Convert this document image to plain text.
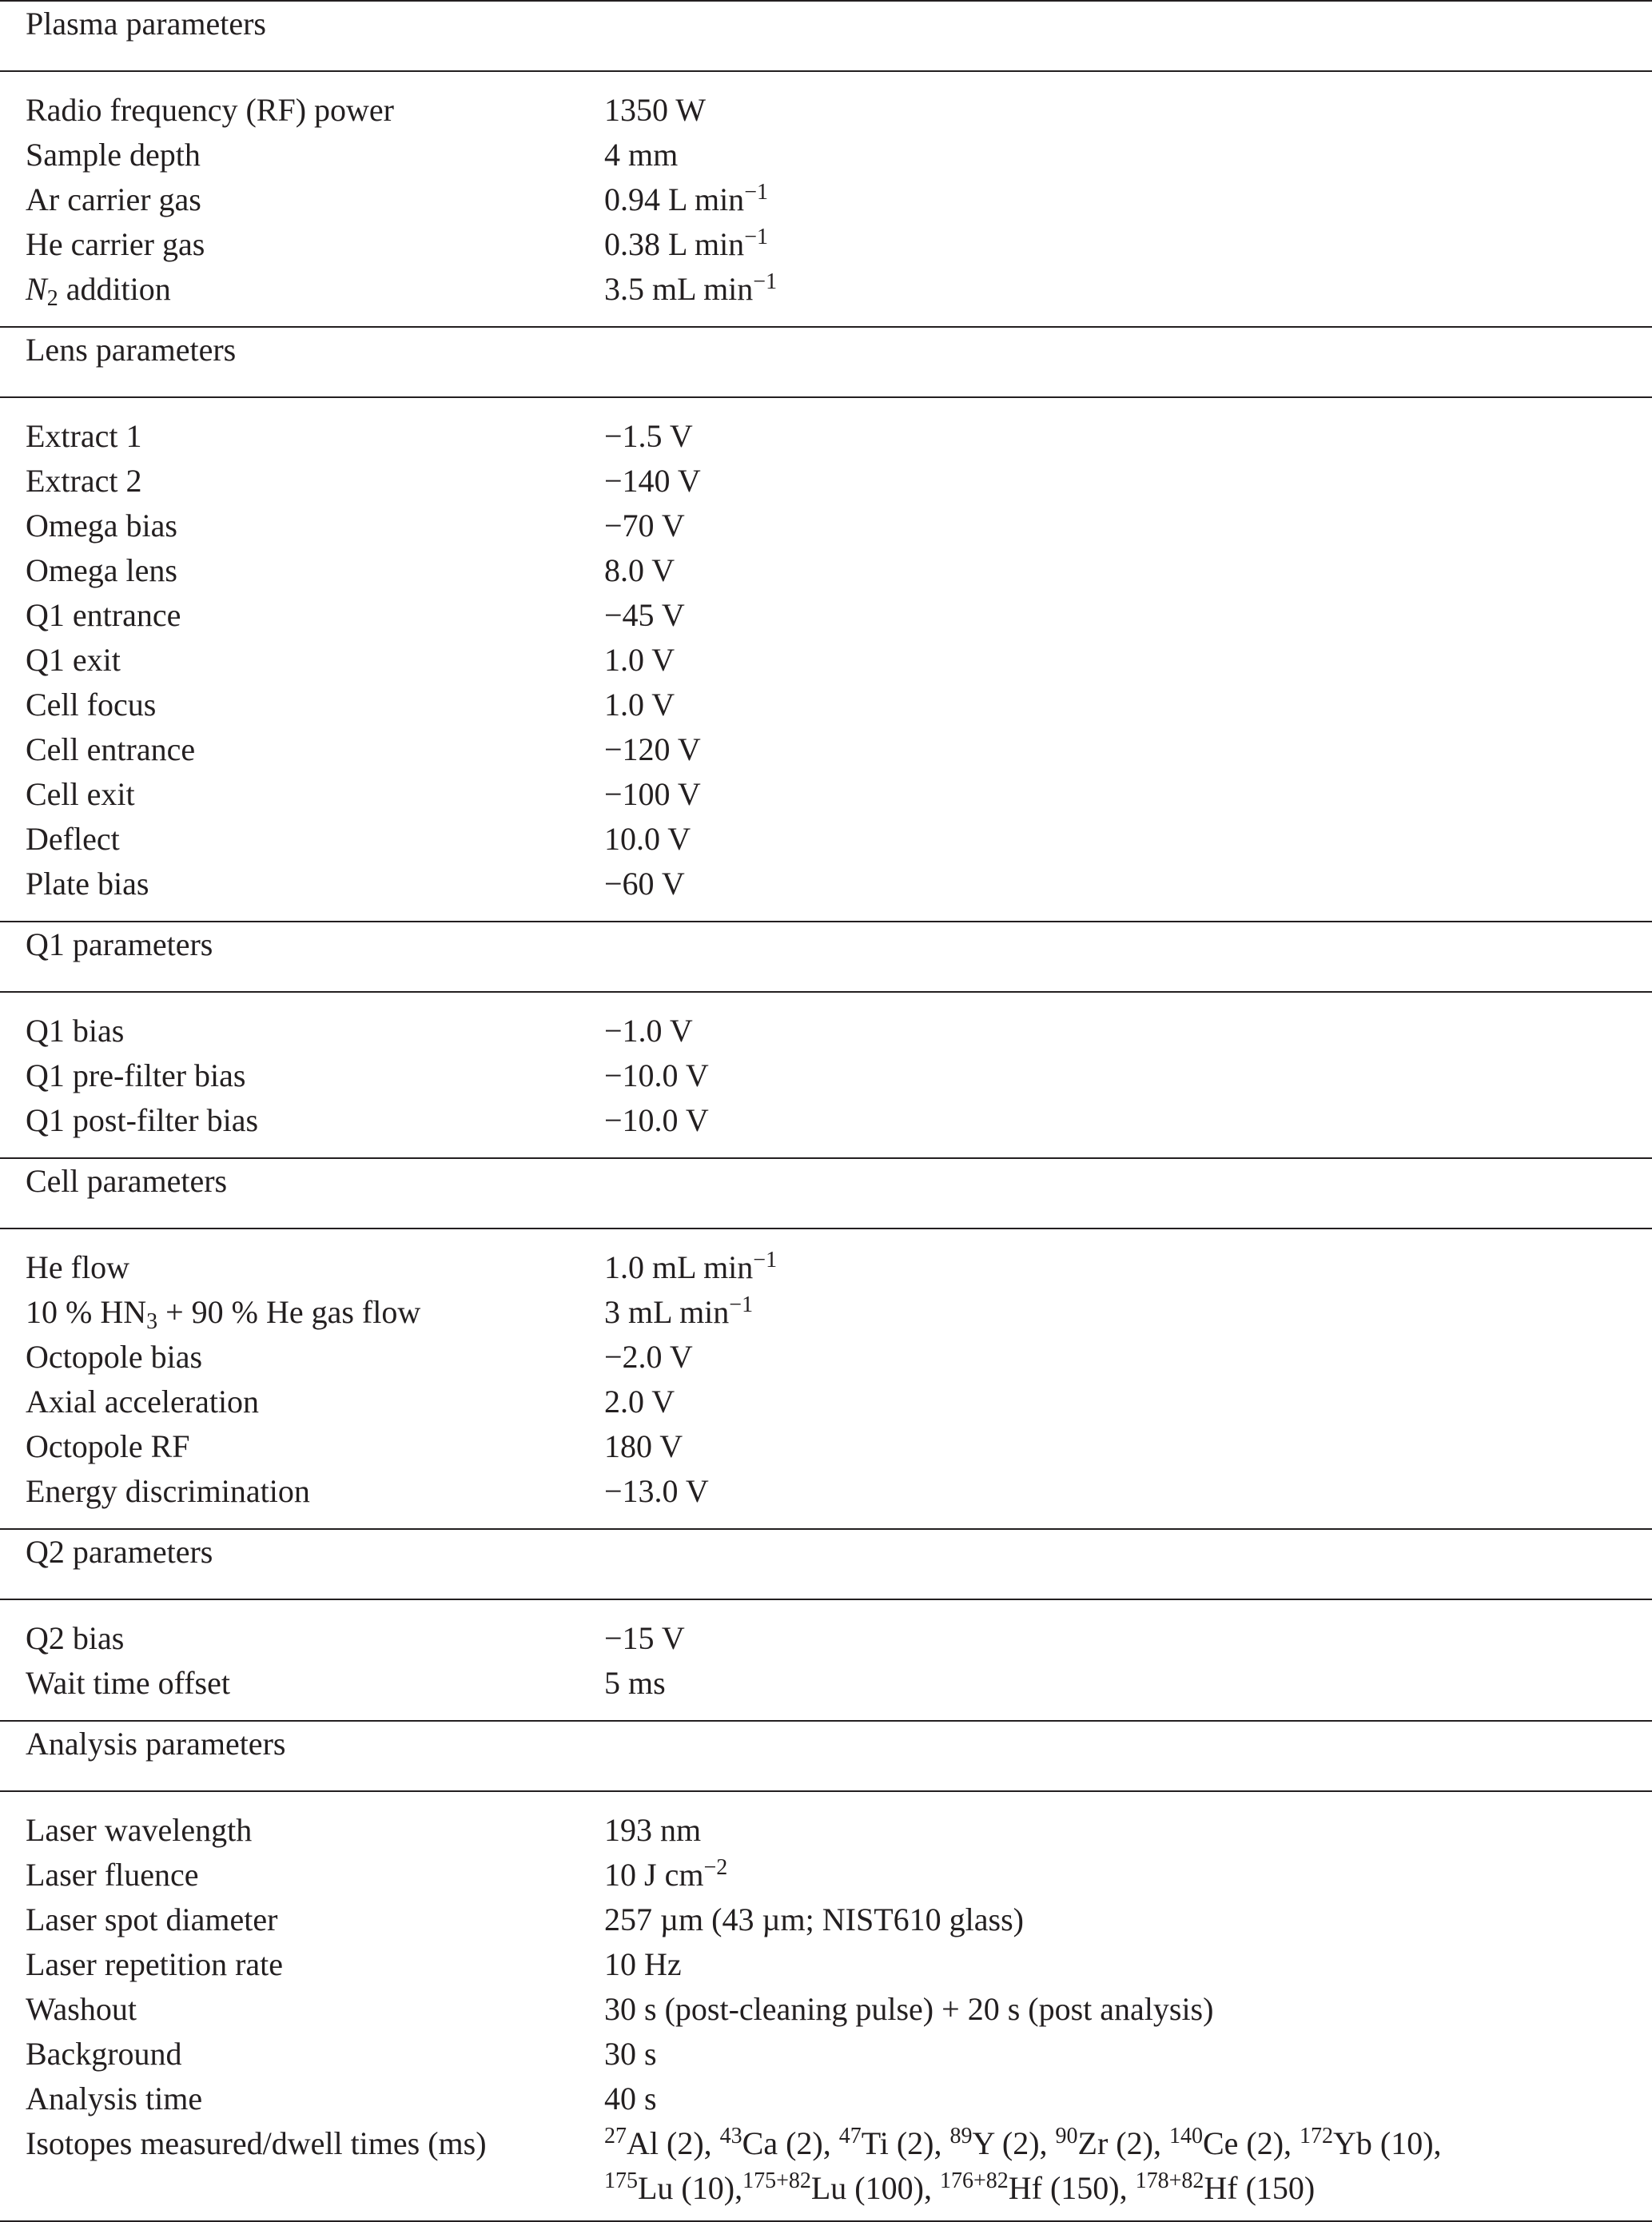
Plasma parameters	
Radio frequency (RF) power	1350 W
Sample depth	4 mm
Ar carrier gas	0.94 L $\min^{-1}$
He carrier gas	0.38 L $\min^{-1}$
$N_2$ addition	3.5 mL $\min^{-1}$
Lens parameters	
Extract 1	−1.5 V
Extract 2	−140 V
Omega bias	−70 V
Omega lens	8.0 V
Q1 entrance	−45 V
Q1 exit	1.0 V
Cell focus	1.0 V
Cell entrance	−120 V
Cell exit	−100 V
Deflect	10.0 V
Plate bias	−60 V
Q1 parameters	
Q1 bias	−1.0 V
Q1 pre-filter bias	−10.0 V
Q1 post-filter bias	−10.0 V
Cell parameters	
He flow	1.0 mL $\min^{-1}$
10 % $HN_3 + 90$ % He gas flow	3 mL $\min^{-1}$
Octopole bias	−2.0 V
Axial acceleration	2.0 V
Octopole RF	180 V
Energy discrimination	−13.0 V
Q2 parameters	
Q2 bias	−15 V
Wait time offset	5 ms
Analysis parameters	
Laser wavelength	193 nm
Laser fluence	10 J $cm^{-2}$
Laser spot diameter	257 µm (43 µm; NIST610 glass)
Laser repetition rate	10 Hz
Washout	30 s (post-cleaning pulse) + 20 s (post analysis)
Background	30 s
Analysis time	40 s
Isotopes measured/dwell times (ms)	$^{27}$Al (2), $^{43}$Ca (2), $^{47}$Ti (2), $^{89}$Y (2), $^{90}$Zr (2), $^{140}$Ce (2), $^{172}$Yb (10),
$^{175}$Lu (10),$^{175+82}$Lu (100), $^{176+82}$Hf (150), $^{178+82}$Hf (150)
